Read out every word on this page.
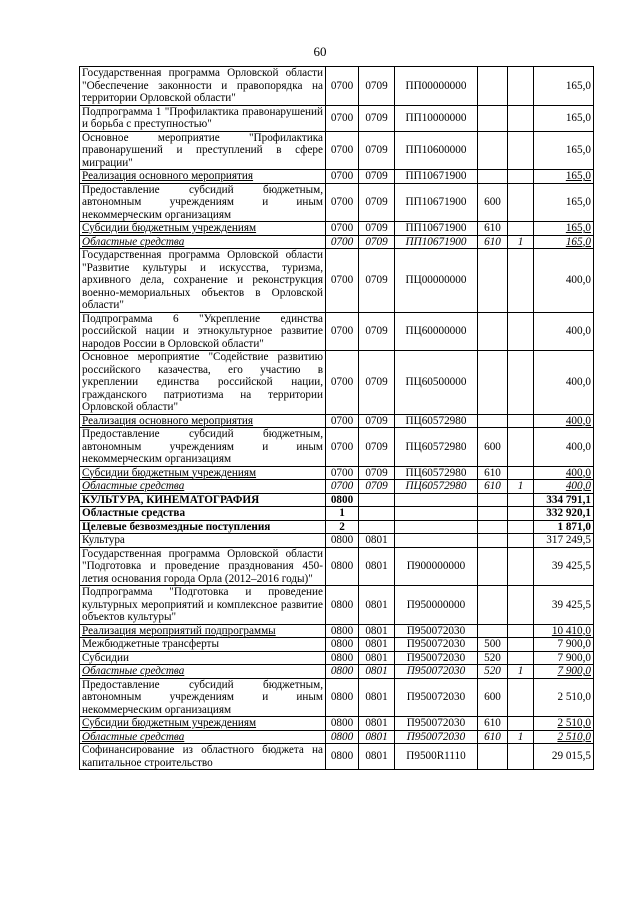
60
Государственная программа Орловской области "Обеспечение законности и правопорядка на территории Орловской области"	0700	0709	ПП00000000			165,0
Подпрограмма 1 "Профилактика правонарушений и борьба с преступностью"	0700	0709	ПП10000000			165,0
Основное мероприятие "Профилактика правонарушений и преступлений в сфере миграции"	0700	0709	ПП10600000			165,0
Реализация основного мероприятия	0700	0709	ПП10671900			165,0
Предоставление субсидий бюджетным, автономным учреждениям и иным некоммерческим организациям	0700	0709	ПП10671900	600		165,0
Субсидии бюджетным учреждениям	0700	0709	ПП10671900	610		165,0
Областные средства	0700	0709	ПП10671900	610	1	165,0
Государственная программа Орловской области "Развитие культуры и искусства, туризма, архивного дела, сохранение и реконструкция военно-мемориальных объектов в Орловской области"	0700	0709	ПЦ00000000			400,0
Подпрограмма 6 "Укрепление единства российской нации и этнокультурное развитие народов России в Орловской области"	0700	0709	ПЦ60000000			400,0
Основное мероприятие "Содействие развитию российского казачества, его участию в укреплении единства российской нации, гражданского патриотизма на территории Орловской области"	0700	0709	ПЦ60500000			400,0
Реализация основного мероприятия	0700	0709	ПЦ60572980			400,0
Предоставление субсидий бюджетным, автономным учреждениям и иным некоммерческим организациям	0700	0709	ПЦ60572980	600		400,0
Субсидии бюджетным учреждениям	0700	0709	ПЦ60572980	610		400,0
Областные средства	0700	0709	ПЦ60572980	610	1	400,0
КУЛЬТУРА, КИНЕМАТОГРАФИЯ	0800					334 791,1
Областные средства	1					332 920,1
Целевые безвозмездные поступления	2					1 871,0
Культура	0800	0801				317 249,5
Государственная программа Орловской области "Подготовка и проведение празднования 450-летия основания города Орла (2012–2016 годы)"	0800	0801	П900000000			39 425,5
Подпрограмма "Подготовка и проведение культурных мероприятий и комплексное развитие объектов культуры"	0800	0801	П950000000			39 425,5
Реализация мероприятий подпрограммы	0800	0801	П950072030			10 410,0
Межбюджетные трансферты	0800	0801	П950072030	500		7 900,0
Субсидии	0800	0801	П950072030	520		7 900,0
Областные средства	0800	0801	П950072030	520	1	7 900,0
Предоставление субсидий бюджетным, автономным учреждениям и иным некоммерческим организациям	0800	0801	П950072030	600		2 510,0
Субсидии бюджетным учреждениям	0800	0801	П950072030	610		2 510,0
Областные средства	0800	0801	П950072030	610	1	2 510,0
Софинансирование из областного бюджета на капитальное строительство	0800	0801	П9500R1110			29 015,5
